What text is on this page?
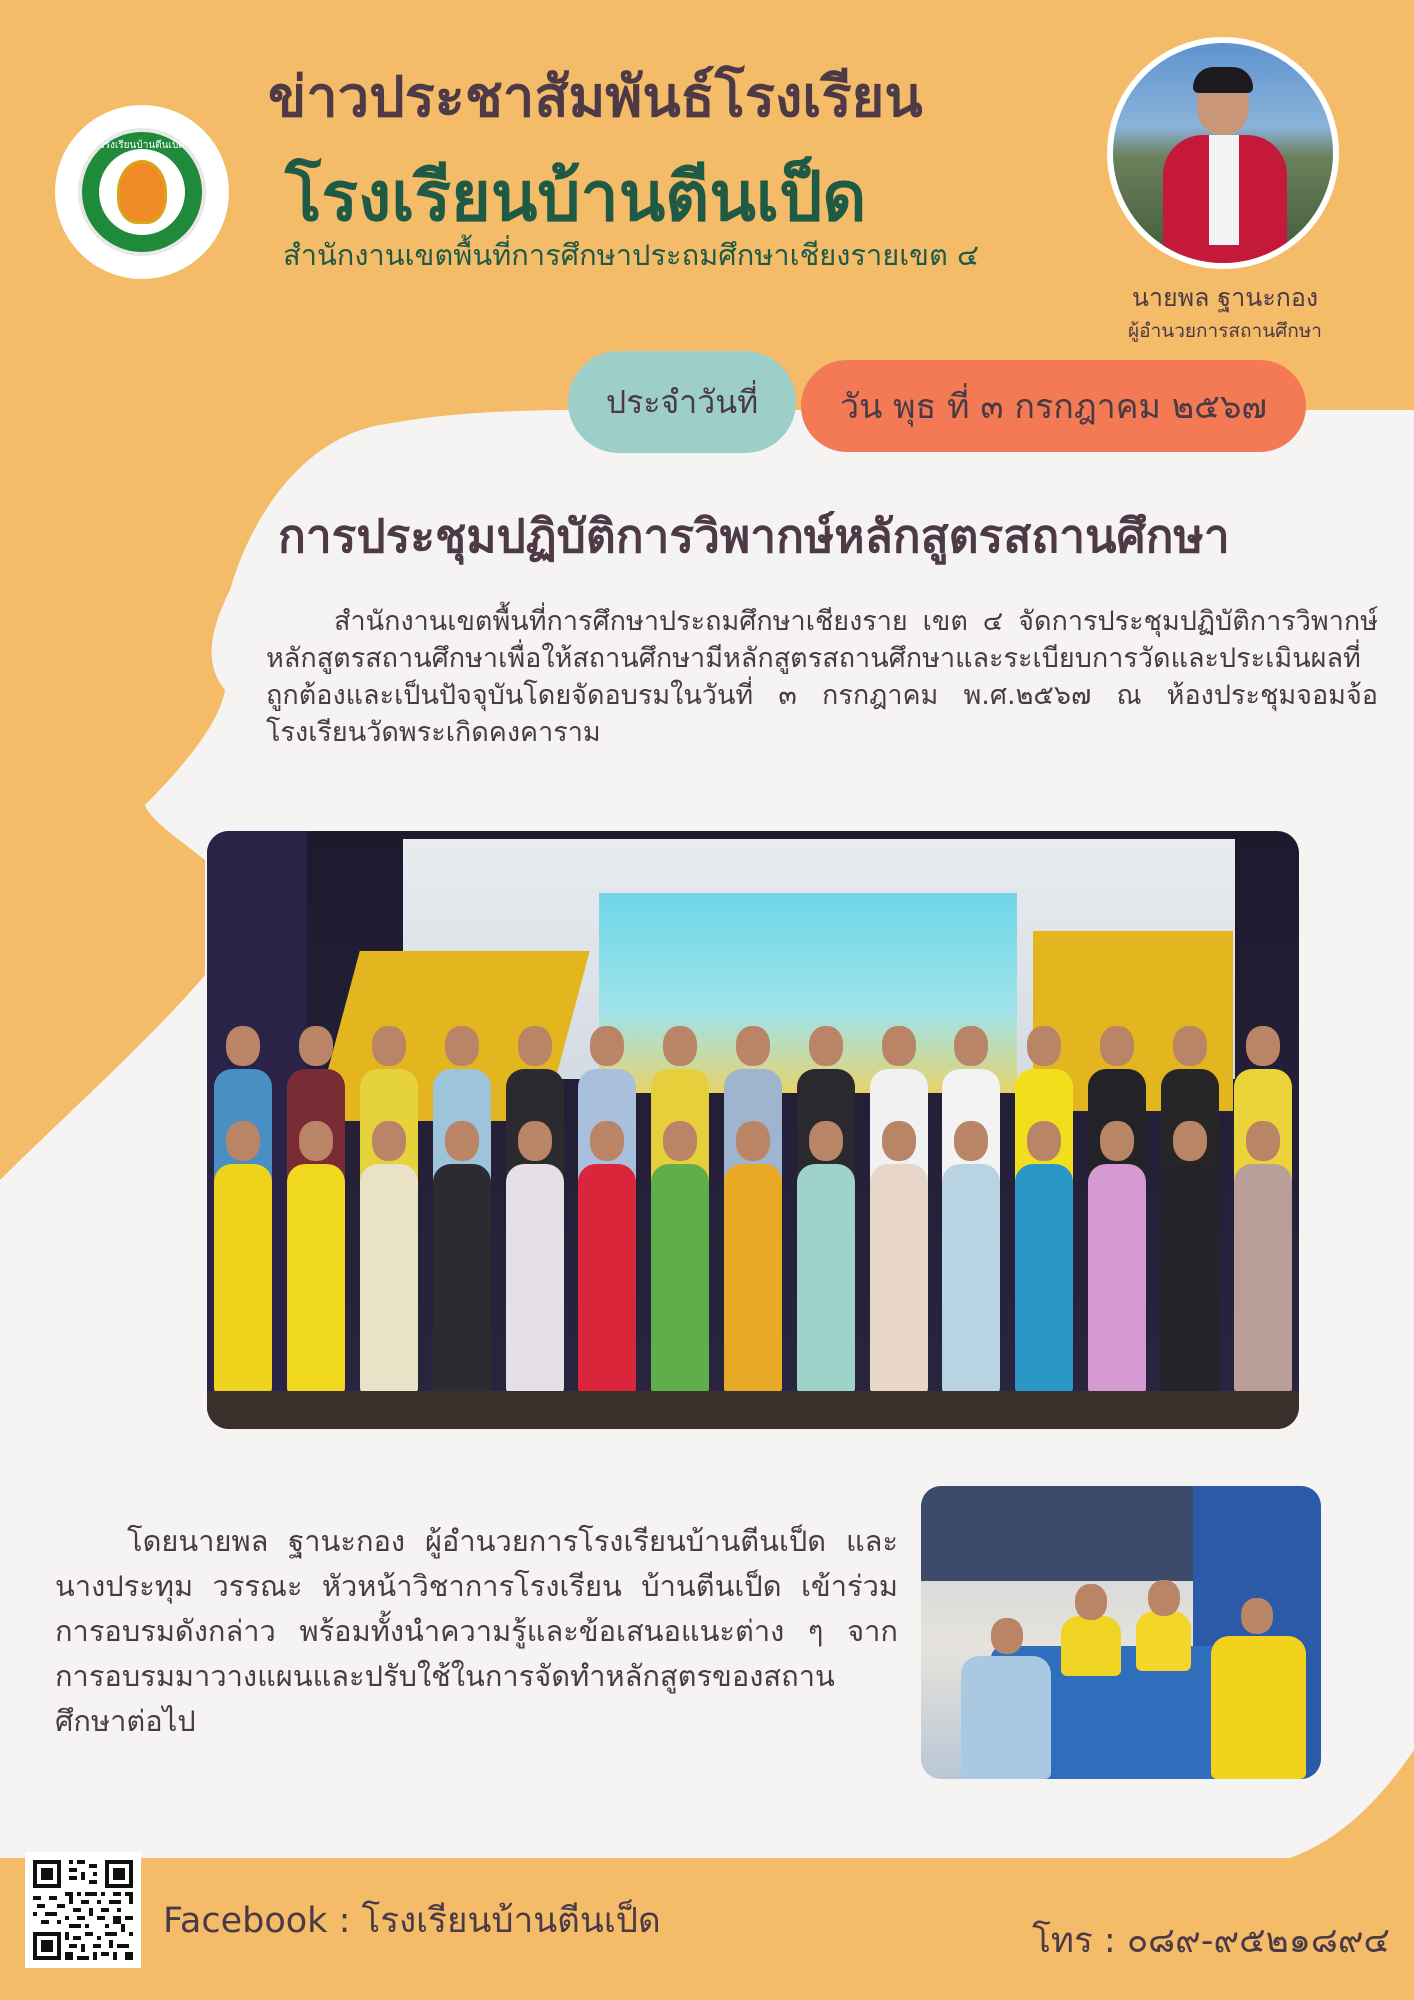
โรงเรียนบ้านตีนเป็ด
ข่าวประชาสัมพันธ์โรงเรียน
โรงเรียนบ้านตีนเป็ด
สำนักงานเขตพื้นที่การศึกษาประถมศึกษาเชียงรายเขต ๔
นายพล ฐานะกอง
ผู้อำนวยการสถานศึกษา
ประจำวันที่	วัน พุธ ที่ ๓ กรกฎาคม ๒๕๖๗
การประชุมปฏิบัติการวิพากษ์หลักสูตรสถานศึกษา

สำนักงานเขตพื้นที่การศึกษาประถมศึกษาเชียงราย เขต ๔ จัดการประชุมปฏิบัติการวิพากษ์หลักสูตรสถานศึกษาเพื่อให้สถานศึกษามีหลักสูตรสถานศึกษาและระเบียบการวัดและประเมินผลที่ถูกต้องและเป็นปัจจุบันโดยจัดอบรมในวันที่ ๓ กรกฎาคม พ.ศ.๒๕๖๗ ณ ห้องประชุมจอมจ้อ โรงเรียนวัดพระเกิดคงคาราม

โดยนายพล ฐานะกอง ผู้อำนวยการโรงเรียนบ้านตีนเป็ด และนางประทุม วรรณะ หัวหน้าวิชาการโรงเรียน บ้านตีนเป็ด เข้าร่วมการอบรมดังกล่าว พร้อมทั้งนำความรู้และข้อเสนอแนะต่าง ๆ จากการอบรมมาวางแผนและปรับใช้ในการจัดทำหลักสูตรของสถานศึกษาต่อไป

Facebook : โรงเรียนบ้านตีนเป็ด	โทร : ๐๘๙-๙๕๒๑๘๙๔
